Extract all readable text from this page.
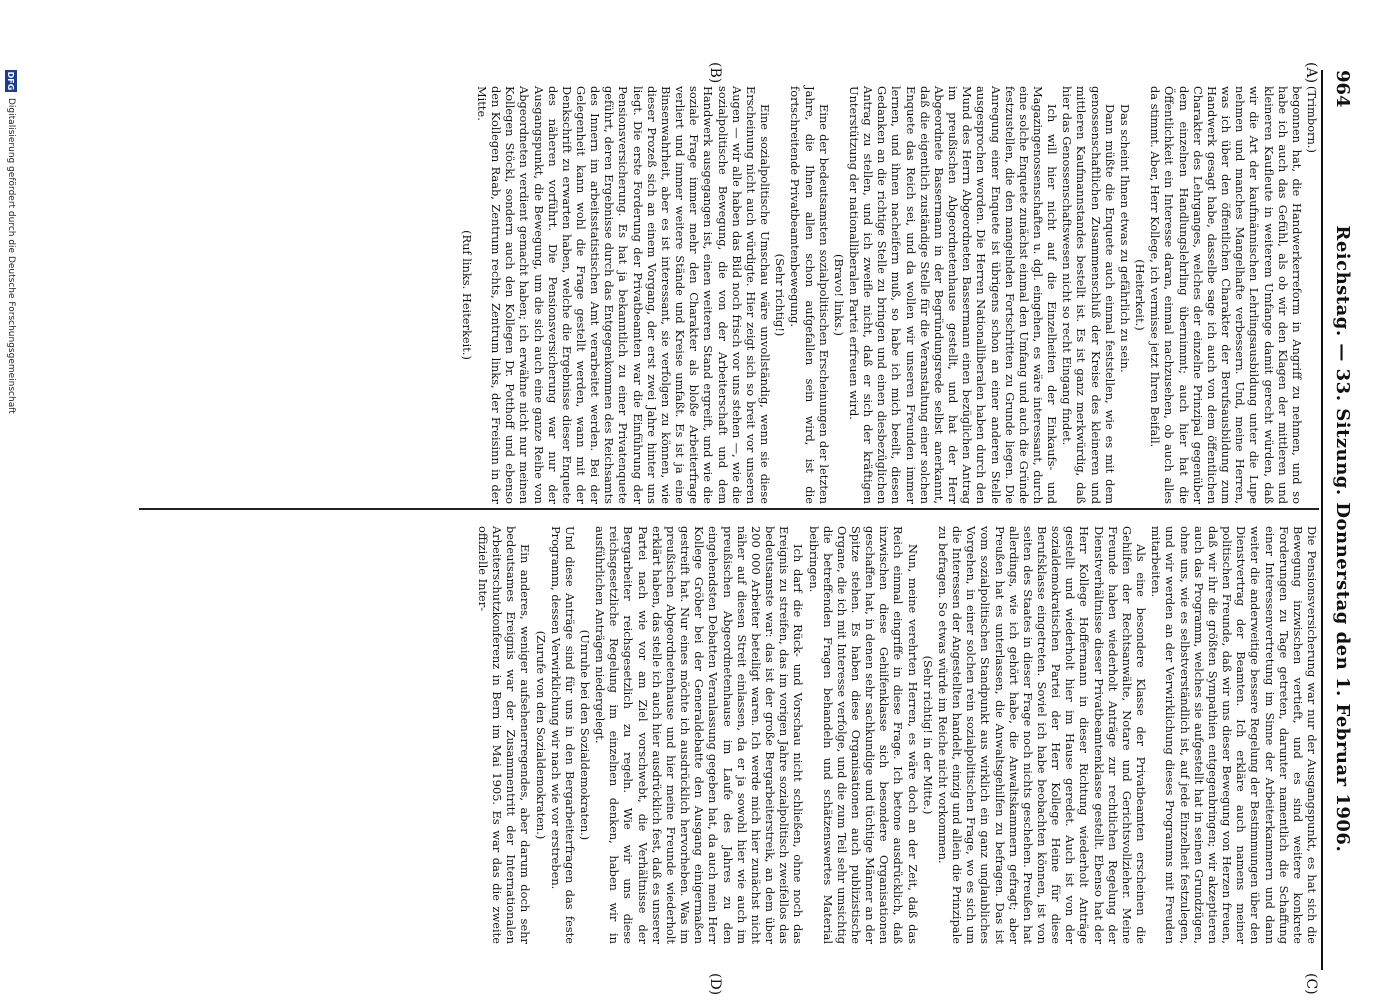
964
Reichstag. — 33. Sitzung. Donnerstag den 1. Februar 1906.
(A)
(B)
(C)
(D)

(Trimborn.)

begonnen hat, die Handwerkerreform in Angriff zu nehmen, und so habe ich auch das Gefühl, als ob wir den Klagen der mittleren und kleineren Kaufleute in weiterem Umfange damit gerecht würden, daß wir die Art der kaufmännischen Lehrlingsausbildung unter die Lupe nehmen und manches Mangelhafte verbessern. Und, meine Herren, was ich über den öffentlichen Charakter der Berufsausbildung zum Handwerk gesagt habe, dasselbe sage ich auch von dem öffentlichen Charakter des Lehrganges, welches der einzelne Prinzipal gegenüber dem einzelnen Handlungslehrling übernimmt; auch hier hat die Öffentlichkeit ein Interesse daran, einmal nachzusehen, ob auch alles da stimmt. Aber, Herr Kollege, ich vermisse jetzt Ihren Beifall.

(Heiterkeit.)

Das scheint Ihnen etwas zu gefährlich zu sein.

Dann müßte die Enquete auch einmal feststellen, wie es mit dem genossenschaftlichen Zusammenschluß der Kreise des kleineren und mittleren Kaufmannstandes bestellt ist. Es ist ganz merkwürdig, daß hier das Genossenschaftswesen nicht so recht Eingang findet.

Ich will hier nicht auf die Einzelheiten der Einkaufs- und Magazingenossenschaften u. dgl. eingehen, es wäre interessant, durch eine solche Enquete zunächst einmal den Umfang und auch die Gründe festzustellen, die den mangelnden Fortschritten zu Grunde liegen. Die Anregung einer Enquete ist übrigens schon an einer anderen Stelle ausgesprochen worden. Die Herren Nationalliberalen haben durch den Mund des Herrn Abgeordneten Bassermann einen bezüglichen Antrag im preußischen Abgeordnetenhause gestellt, und hat der Herr Abgeordnete Bassermann in der Begründungsrede selbst anerkannt, daß die eigentlich zuständige Stelle für die Veranstaltung einer solchen Enquete das Reich sei, und da wollen wir unseren Freunden immer lernen, und ihnen nacheifern muß, so habe ich mich beeilt, diesen Gedanken an die richtige Stelle zu bringen und einen diesbezüglichen Antrag zu stellen, und ich zweifle nicht, daß er sich der kräftigen Unterstützung der nationalliberalen Partei erfreuen wird.

(Bravo! links.)

Eine der bedeutsamsten sozialpolitischen Erscheinungen der letzten Jahre, die Ihnen allen schon aufgefallen sein wird, ist die fortschreitende Privatbeamtenbewegung.

(Sehr richtig!)

Eine sozialpolitische Umschau wäre unvollständig, wenn sie diese Erscheinung nicht auch würdigte. Hier zeigt sich so breit vor unseren Augen — wir alle haben das Bild noch frisch vor uns stehen —, wie die sozialpolitische Bewegung, die von der Arbeiterschaft und dem Handwerk ausgegangen ist, einen weiteren Stand ergreift, und wie die soziale Frage immer mehr den Charakter als bloße Arbeiterfrage verliert und immer weitere Stände und Kreise umfaßt. Es ist ja eine Binsenwahrheit, aber es ist interessant, sie verfolgen zu können, wie dieser Prozeß sich an einem Vorgang, der erst zwei Jahre hinter uns liegt. Die erste Forderung der Privatbeamten war die Einführung der Pensionsversicherung. Es hat ja bekanntlich zu einer Privatenquete geführt, deren Ergebnisse durch das Entgegenkommen des Reichsamts des Innern im arbeitsstatistischen Amt verarbeitet werden. Bei der Gelegenheit kann wohl die Frage gestellt werden, wann mit der Denkschrift zu erwarten haben, welche die Ergebnisse dieser Enquete des näheren vorführt. Die Pensionsversicherung war nur der Ausgangspunkt, die Bewegung, um die sich auch eine ganze Reihe von Abgeordneten verdient gemacht haben; ich erwähne nicht nur meinen Kollegen Stöckl, sondern auch den Kollegen Dr. Potthoff und ebenso den Kollegen Raab, Zentrum rechts, Zentrum links, der Freisinn in der Mitte.

(Ruf links. Heiterkeit.)

Die Pensionsversicherung war nur der Ausgangspunkt, es hat sich die Bewegung inzwischen vertieft, und es sind weitere konkrete Forderungen zu Tage getreten, darunter namentlich die Schaffung einer Interessenvertretung im Sinne der Arbeiterkammern und dann weiter die anderweitige bessere Regelung der Bestimmungen über den Dienstvertrag der Beamten. Ich erkläre auch namens meiner politischen Freunde, daß wir uns dieser Bewegung von Herzen freuen, daß wir ihr die größten Sympathien entgegenbringen; wir akzeptieren auch das Programm, welches sie aufgestellt hat in seinen Grundzügen, ohne uns, wie es selbstverständlich ist, auf jede Einzelheit festzulegen, und wir werden an der Verwirklichung dieses Programms mit Freuden mitarbeiten.

Als eine besondere Klasse der Privatbeamten erscheinen die Gehilfen der Rechtsanwälte, Notare und Gerichtsvollzieher. Meine Freunde haben wiederholt Anträge zur rechtlichen Regelung der Dienstverhältnisse dieser Privatbeamtenklasse gestellt. Ebenso hat der Herr Kollege Hoffermann in dieser Richtung wiederholt Anträge gestellt und wiederholt hier im Hause geredet. Auch ist von der sozialdemokratischen Partei der Herr Kollege Heine für diese Berufsklasse eingetreten. Soviel ich habe beobachten können, ist von seiten des Staates in dieser Frage noch nichts geschehen. Preußen hat allerdings, wie ich gehört habe, die Anwaltskammern gefragt; aber Preußen hat es unterlassen, die Anwaltsgehilfen zu befragen. Das ist vom sozialpolitischen Standpunkt aus wirklich ein ganz unglaubliches Vorgehen, in einer solchen rein sozialpolitischen Frage, wo es sich um die Interessen der Angestellten handelt, einzig und allein die Prinzipale zu befragen. So etwas würde im Reiche nicht vorkommen.

(Sehr richtig! in der Mitte.)

Nun, meine verehrten Herren, es wäre doch an der Zeit, daß das Reich einmal eingriffe in diese Frage. Ich betone ausdrücklich, daß inzwischen diese Gehilfenklasse sich besondere Organisationen geschaffen hat, in denen sehr sachkundige und tüchtige Männer an der Spitze stehen. Es haben diese Organisationen auch publizistische Organe, die ich mit Interesse verfolge, und die zum Teil sehr umsichtig die betreffenden Fragen behandeln und schätzenswertes Material beibringen.

Ich darf die Rück- und Vorschau nicht schließen, ohne noch das Ereignis zu streifen, das im vorigen Jahre sozialpolitisch zweifellos das bedeutsamste war: das ist der große Bergarbeiterstreik, an dem über 200 000 Arbeiter beteiligt waren. Ich werde mich hier zunächst nicht näher auf diesen Streit einlassen, da er ja sowohl hier wie auch im preußischen Abgeordnetenhause im Laufe des Jahres zu den eingehendsten Debatten Veranlassung gegeben hat, da auch mein Herr Kollege Gröber bei der Generaldebatte den Ausgang einigermaßen gestreift hat. Nur eines möchte ich ausdrücklich hervorheben. Was im preußischen Abgeordnetenhause und hier meine Freunde wiederholt erklärt haben, das stelle ich auch hier ausdrücklich fest, daß es unserer Partei nach wie vor am Ziel vorschwebt, die Verhältnisse der Bergarbeiter reichsgesetzlich zu regeln. Wie wir uns diese reichsgesetzliche Regelung im einzelnen denken, haben wir in ausführlichen Anträgen niedergelegt.

(Unruhe bei den Sozialdemokraten.)

Und diese Anträge sind für uns in den Bergarbeiterfragen das feste Programm, dessen Verwirklichung wir nach wie vor erstreben.

(Zurufe von den Sozialdemokraten.)

Ein anderes, weniger aufsehenerregendes, aber darum doch sehr bedeutsames Ereignis war der Zusammentritt der Internationalen Arbeiterschutzkonferenz in Bern im Mai 1905. Es war das die zweite offizielle Inter-

DFG
Digitalisierung gefördert durch die Deutsche Forschungsgemeinschaft
